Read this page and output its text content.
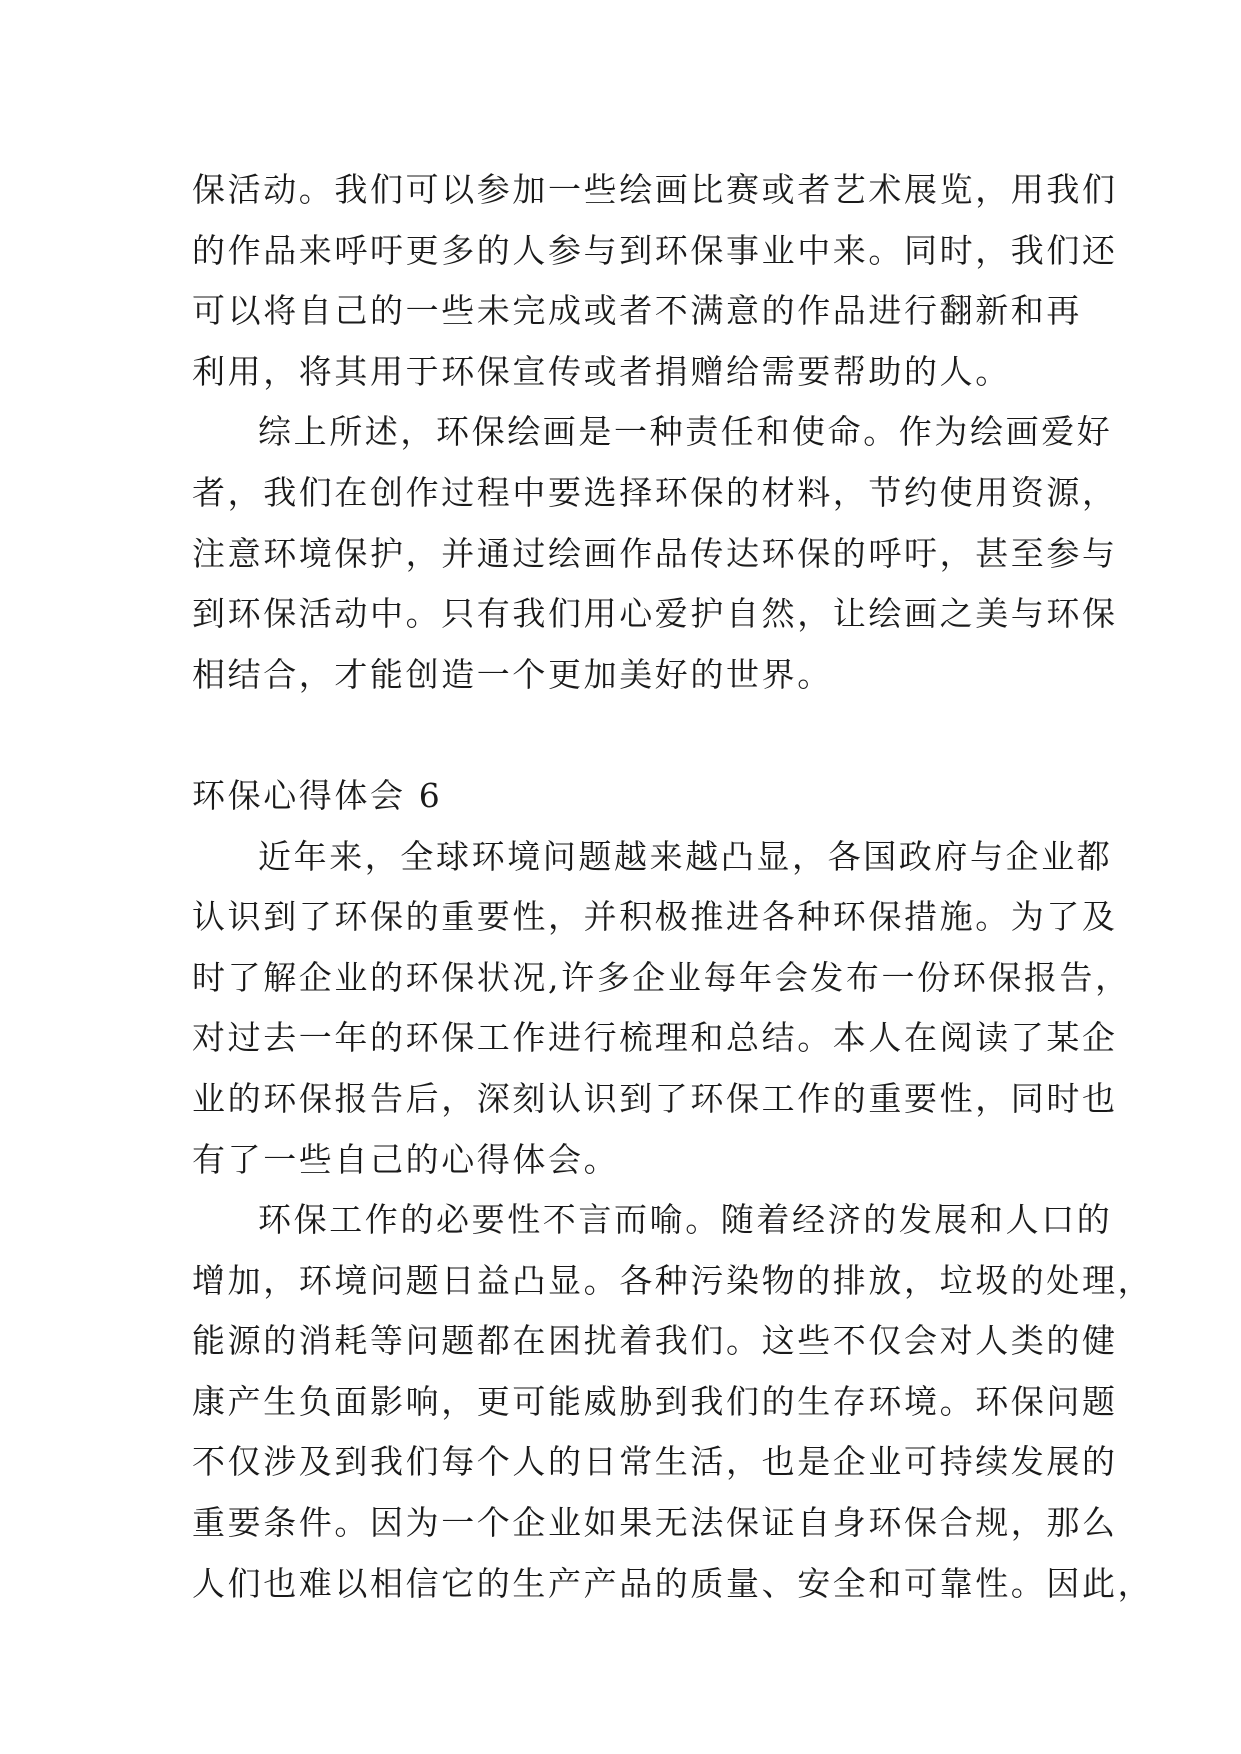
保活动。我们可以参加一些绘画比赛或者艺术展览，用我们
的作品来呼吁更多的人参与到环保事业中来。同时，我们还
可以将自己的一些未完成或者不满意的作品进行翻新和再
利用，将其用于环保宣传或者捐赠给需要帮助的人。
综上所述，环保绘画是一种责任和使命。作为绘画爱好
者，我们在创作过程中要选择环保的材料，节约使用资源，
注意环境保护，并通过绘画作品传达环保的呼吁，甚至参与
到环保活动中。只有我们用心爱护自然，让绘画之美与环保
相结合，才能创造一个更加美好的世界。
环保心得体会 6
近年来，全球环境问题越来越凸显，各国政府与企业都
认识到了环保的重要性，并积极推进各种环保措施。为了及
时了解企业的环保状况,许多企业每年会发布一份环保报告，
对过去一年的环保工作进行梳理和总结。本人在阅读了某企
业的环保报告后，深刻认识到了环保工作的重要性，同时也
有了一些自己的心得体会。
环保工作的必要性不言而喻。随着经济的发展和人口的
增加，环境问题日益凸显。各种污染物的排放，垃圾的处理，
能源的消耗等问题都在困扰着我们。这些不仅会对人类的健
康产生负面影响，更可能威胁到我们的生存环境。环保问题
不仅涉及到我们每个人的日常生活，也是企业可持续发展的
重要条件。因为一个企业如果无法保证自身环保合规，那么
人们也难以相信它的生产产品的质量、安全和可靠性。因此，
